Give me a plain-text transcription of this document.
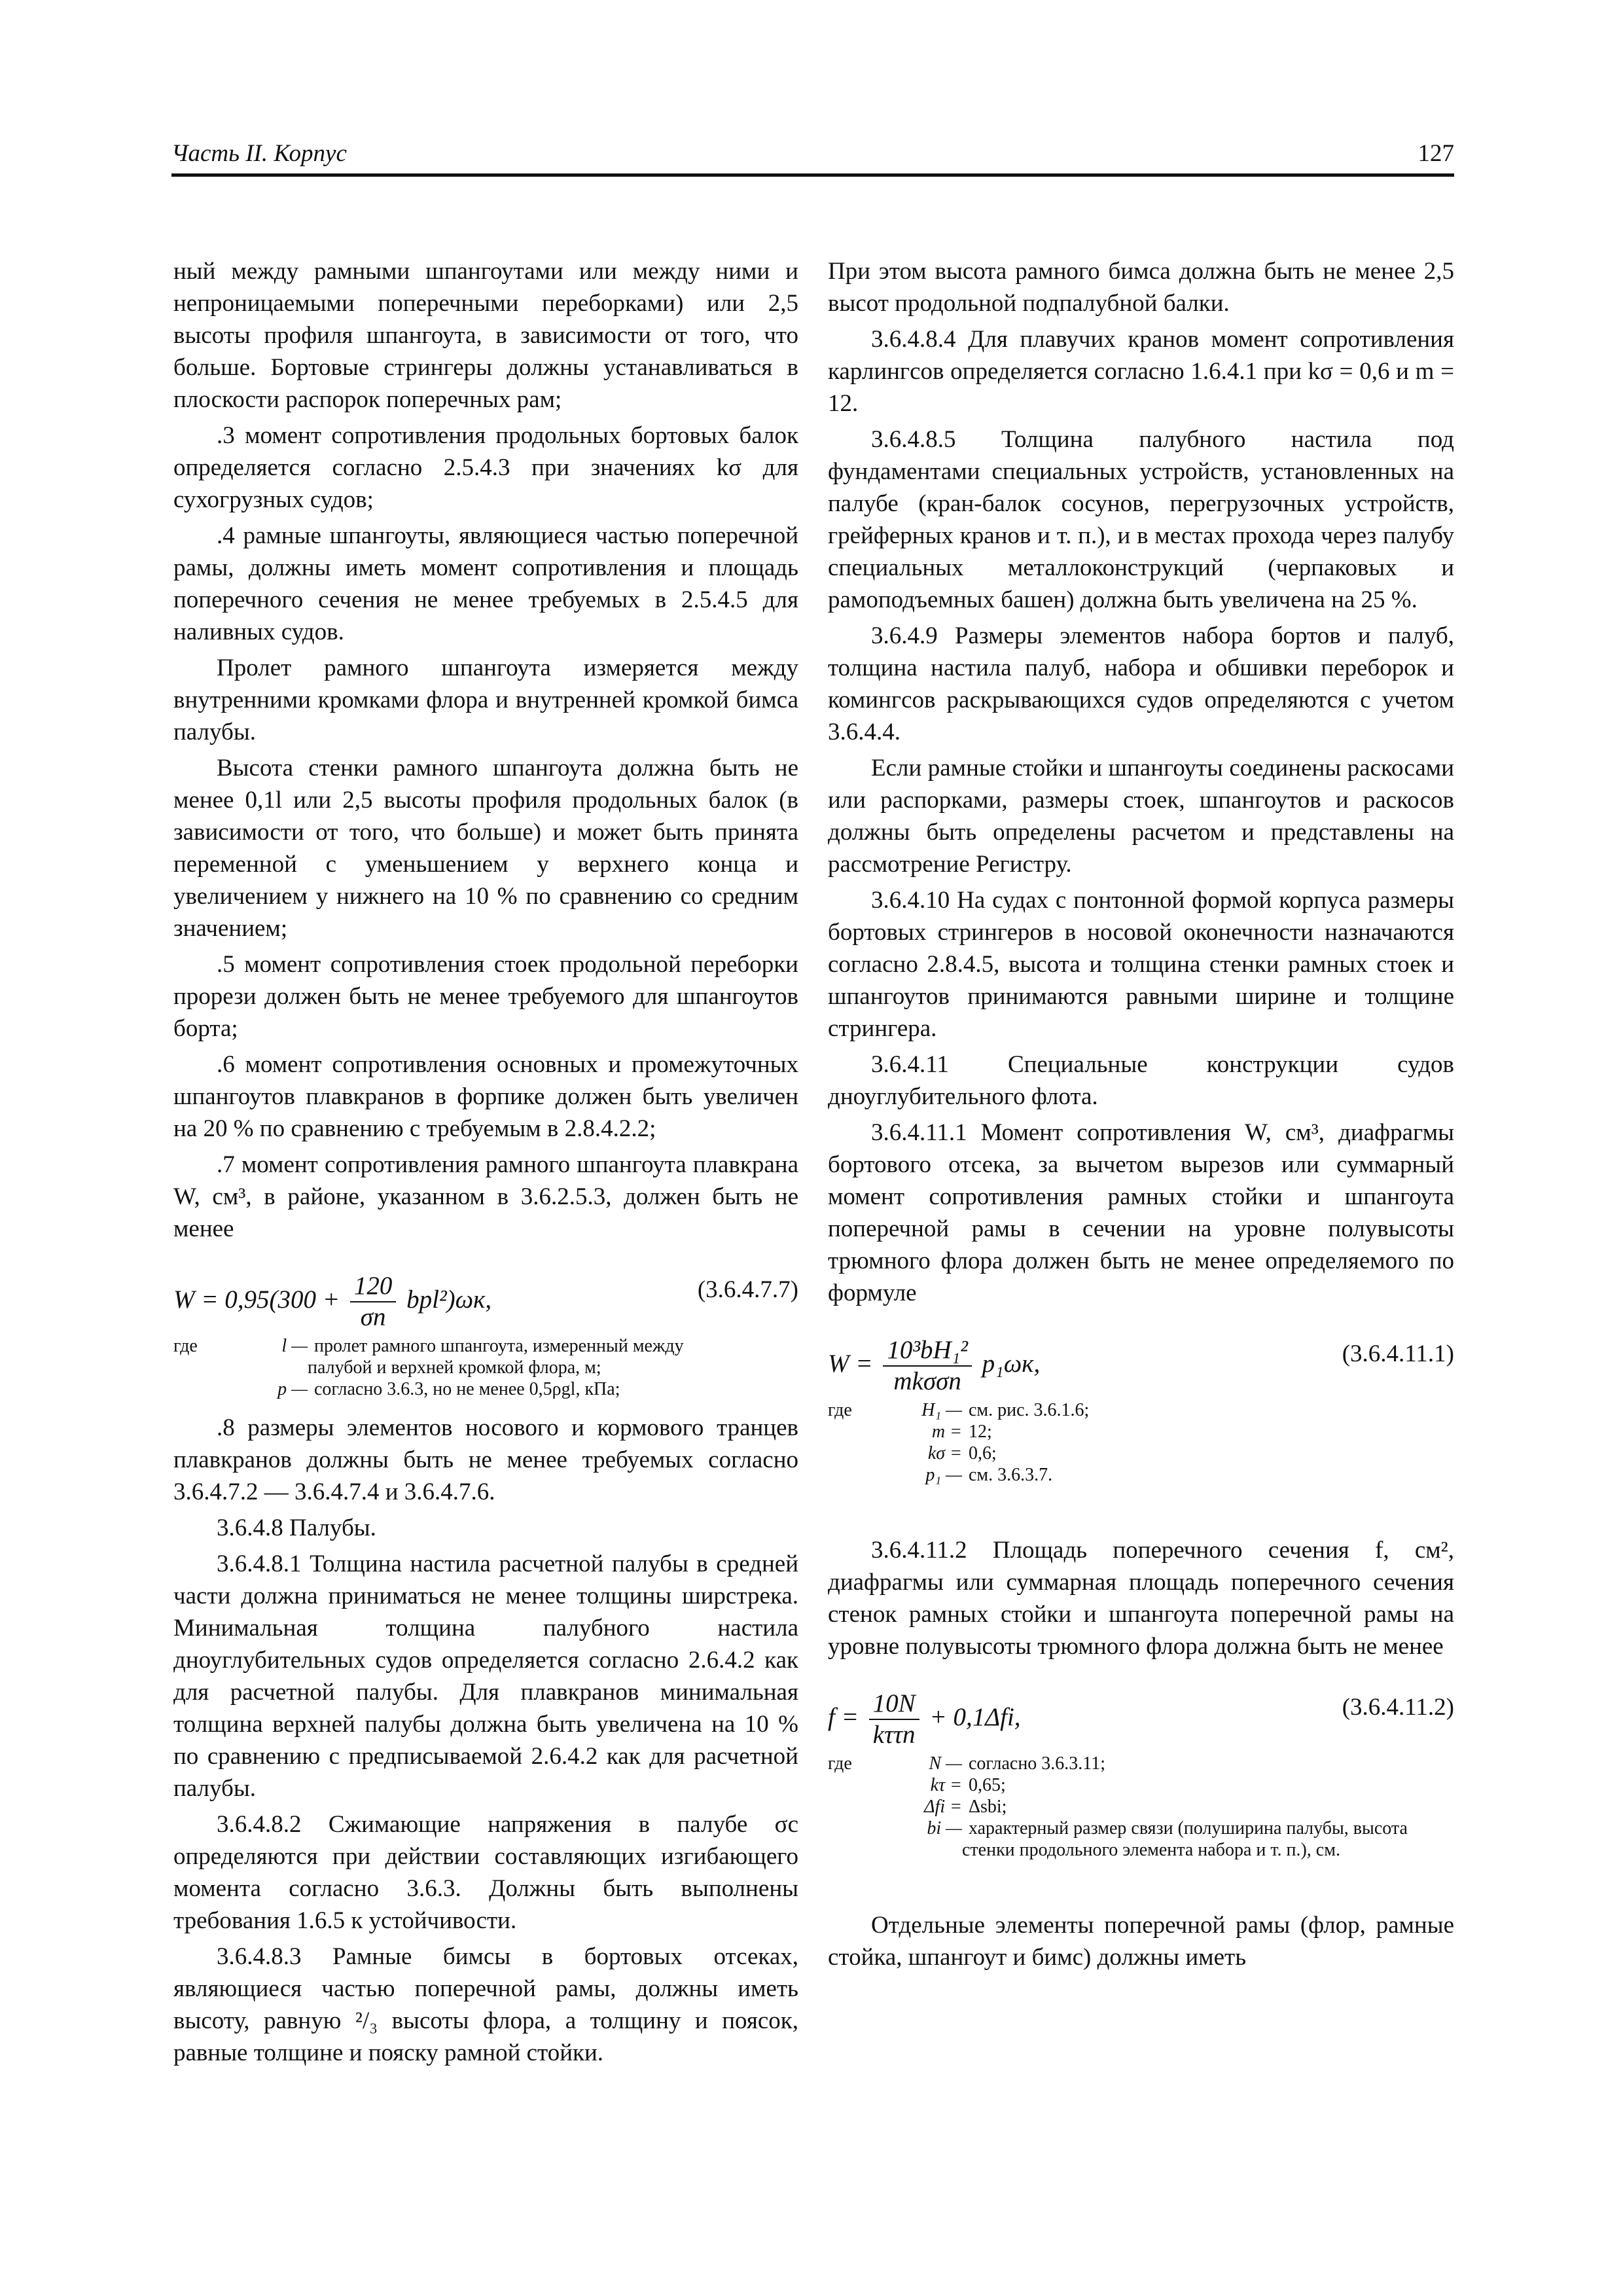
Часть II. Корпус	127

ный между рамными шпангоутами или между ними и непроницаемыми поперечными переборками) или 2,5 высоты профиля шпангоута, в зависимости от того, что больше. Бортовые стрингеры должны устанавливаться в плоскости распорок поперечных рам;

.3 момент сопротивления продольных бортовых балок определяется согласно 2.5.4.3 при значениях kσ для сухогрузных судов;

.4 рамные шпангоуты, являющиеся частью поперечной рамы, должны иметь момент сопротивления и площадь поперечного сечения не менее требуемых в 2.5.4.5 для наливных судов.

Пролет рамного шпангоута измеряется между внутренними кромками флора и внутренней кромкой бимса палубы.

Высота стенки рамного шпангоута должна быть не менее 0,1l или 2,5 высоты профиля продольных балок (в зависимости от того, что больше) и может быть принята переменной с уменьшением у верхнего конца и увеличением у нижнего на 10 % по сравнению со средним значением;

.5 момент сопротивления стоек продольной переборки прорези должен быть не менее требуемого для шпангоутов борта;

.6 момент сопротивления основных и промежуточных шпангоутов плавкранов в форпике должен быть увеличен на 20 % по сравнению с требуемым в 2.8.4.2.2;

.7 момент сопротивления рамного шпангоута плавкрана W, см³, в районе, указанном в 3.6.2.5.3, должен быть не менее

$W = 0,95(300 + \frac{120}{\sigma n} bpl^2)\omega к$,	(3.6.4.7.7)
где	l — пролет рамного шпангоута, измеренный между
палубой и верхней кромкой флора, м;
p — согласно 3.6.3, но не менее 0,5ρgl, кПа;

.8 размеры элементов носового и кормового транцев плавкранов должны быть не менее требуемых согласно 3.6.4.7.2 — 3.6.4.7.4 и 3.6.4.7.6.

3.6.4.8 Палубы.

3.6.4.8.1 Толщина настила расчетной палубы в средней части должна приниматься не менее толщины ширстрека. Минимальная толщина палубного настила дноуглубительных судов определяется согласно 2.6.4.2 как для расчетной палубы. Для плавкранов минимальная толщина верхней палубы должна быть увеличена на 10 % по сравнению с предписываемой 2.6.4.2 как для расчетной палубы.

3.6.4.8.2 Сжимающие напряжения в палубе σc определяются при действии составляющих изгибающего момента согласно 3.6.3. Должны быть выполнены требования 1.6.5 к устойчивости.

3.6.4.8.3 Рамные бимсы в бортовых отсеках, являющиеся частью поперечной рамы, должны иметь высоту, равную ²/₃ высоты флора, а толщину и поясок, равные толщине и пояску рамной стойки.

При этом высота рамного бимса должна быть не менее 2,5 высот продольной подпалубной балки.

3.6.4.8.4 Для плавучих кранов момент сопротивления карлингсов определяется согласно 1.6.4.1 при kσ = 0,6 и m = 12.

3.6.4.8.5 Толщина палубного настила под фундаментами специальных устройств, установленных на палубе (кран-балок сосунов, перегрузочных устройств, грейферных кранов и т. п.), и в местах прохода через палубу специальных металлоконструкций (черпаковых и рамоподъемных башен) должна быть увеличена на 25 %.

3.6.4.9 Размеры элементов набора бортов и палуб, толщина настила палуб, набора и обшивки переборок и комингсов раскрывающихся судов определяются с учетом 3.6.4.4.

Если рамные стойки и шпангоуты соединены раскосами или распорками, размеры стоек, шпангоутов и раскосов должны быть определены расчетом и представлены на рассмотрение Регистру.

3.6.4.10 На судах с понтонной формой корпуса размеры бортовых стрингеров в носовой оконечности назначаются согласно 2.8.4.5, высота и толщина стенки рамных стоек и шпангоутов принимаются равными ширине и толщине стрингера.

3.6.4.11 Специальные конструкции судов дноуглубительного флота.

3.6.4.11.1 Момент сопротивления W, см³, диафрагмы бортового отсека, за вычетом вырезов или суммарный момент сопротивления рамных стойки и шпангоута поперечной рамы в сечении на уровне полувысоты трюмного флора должен быть не менее определяемого по формуле

$W = \frac{\text{10³bH₁²}}{\text{mkσσn}} p_1\omega к$,	(3.6.4.11.1)
где	H₁ — см. рис. 3.6.1.6;
m = 12;
kσ = 0,6;
p₁ — см. 3.6.3.7.

3.6.4.11.2 Площадь поперечного сечения f, см², диафрагмы или суммарная площадь поперечного сечения стенок рамных стойки и шпангоута поперечной рамы на уровне полувысоты трюмного флора должна быть не менее

$f = \frac{10N}{\text{kττn}} + 0,1\Delta fi$,	(3.6.4.11.2)
где	N — согласно 3.6.3.11;
kτ = 0,65;
Δfi = Δsbi;
bi — характерный размер связи (полуширина палубы, высота
стенки продольного элемента набора и т. п.), см.

Отдельные элементы поперечной рамы (флор, рамные стойка, шпангоут и бимс) должны иметь
